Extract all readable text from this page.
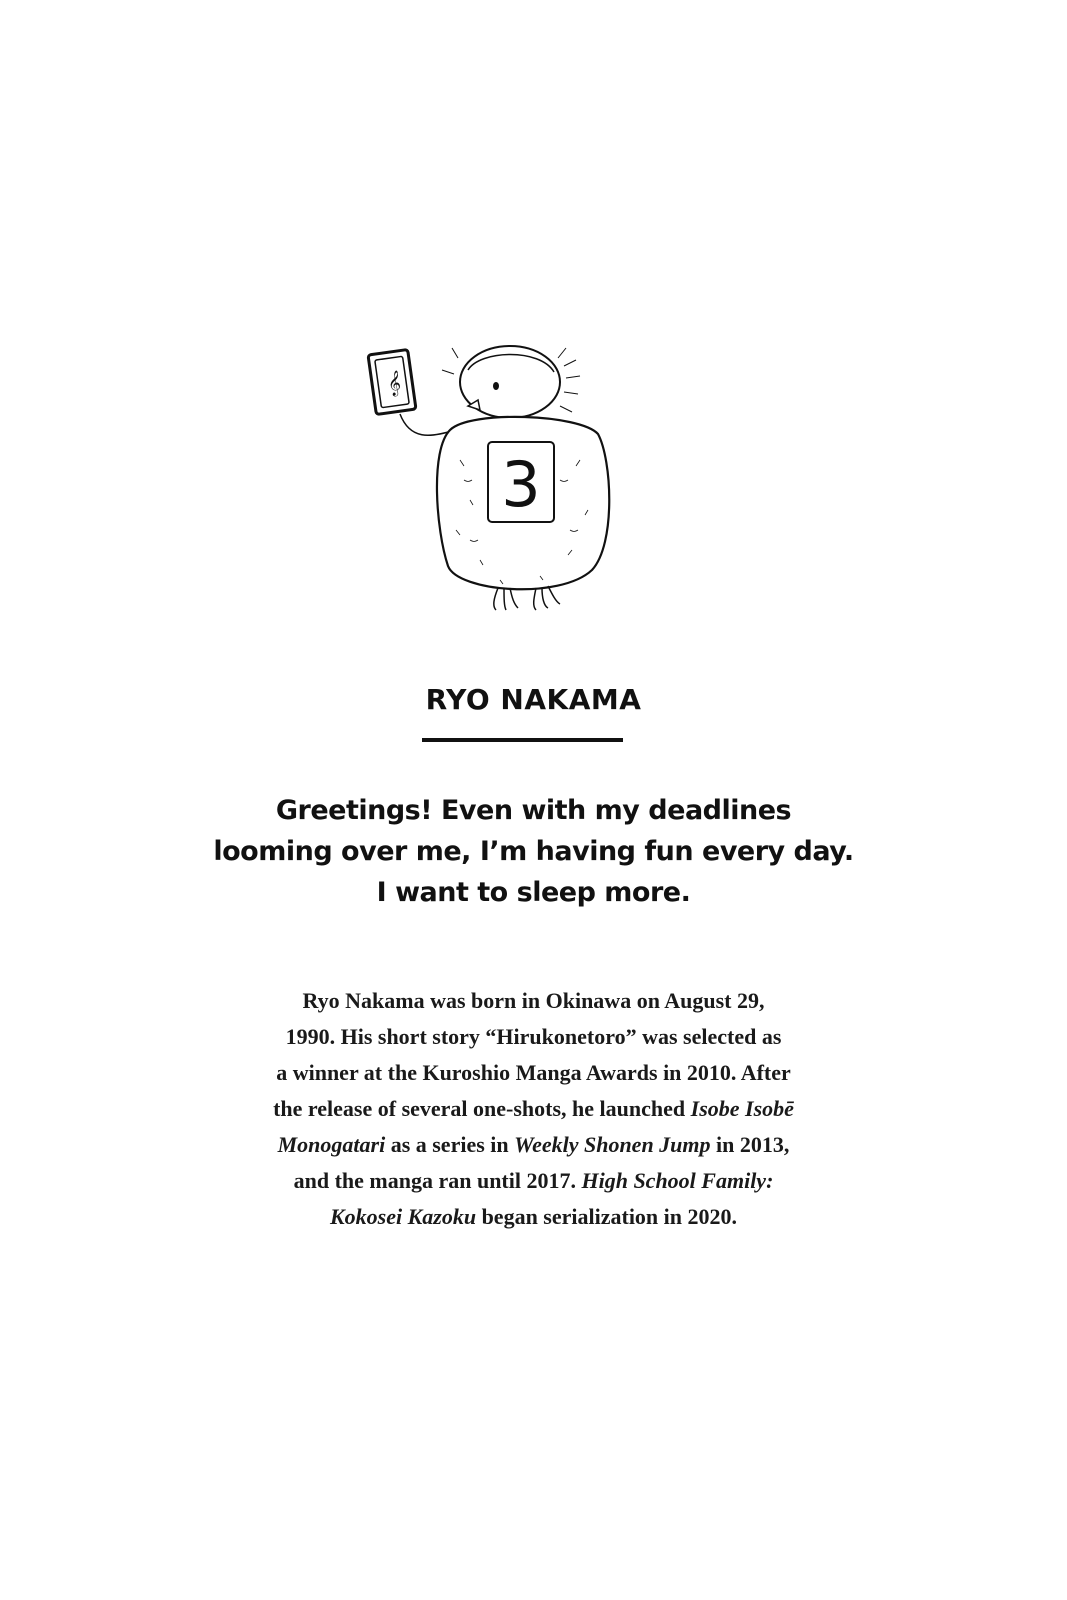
𝄞
3
RYO NAKAMA
Greetings! Even with my deadlines
looming over me, I’m having fun every day.
I want to sleep more.
Ryo Nakama was born in Okinawa on August 29,
1990. His short story “Hirukonetoro” was selected as
a winner at the Kuroshio Manga Awards in 2010. After
the release of several one-shots, he launched Isobe Isobē
Monogatari as a series in Weekly Shonen Jump in 2013,
and the manga ran until 2017. High School Family:
Kokosei Kazoku began serialization in 2020.
